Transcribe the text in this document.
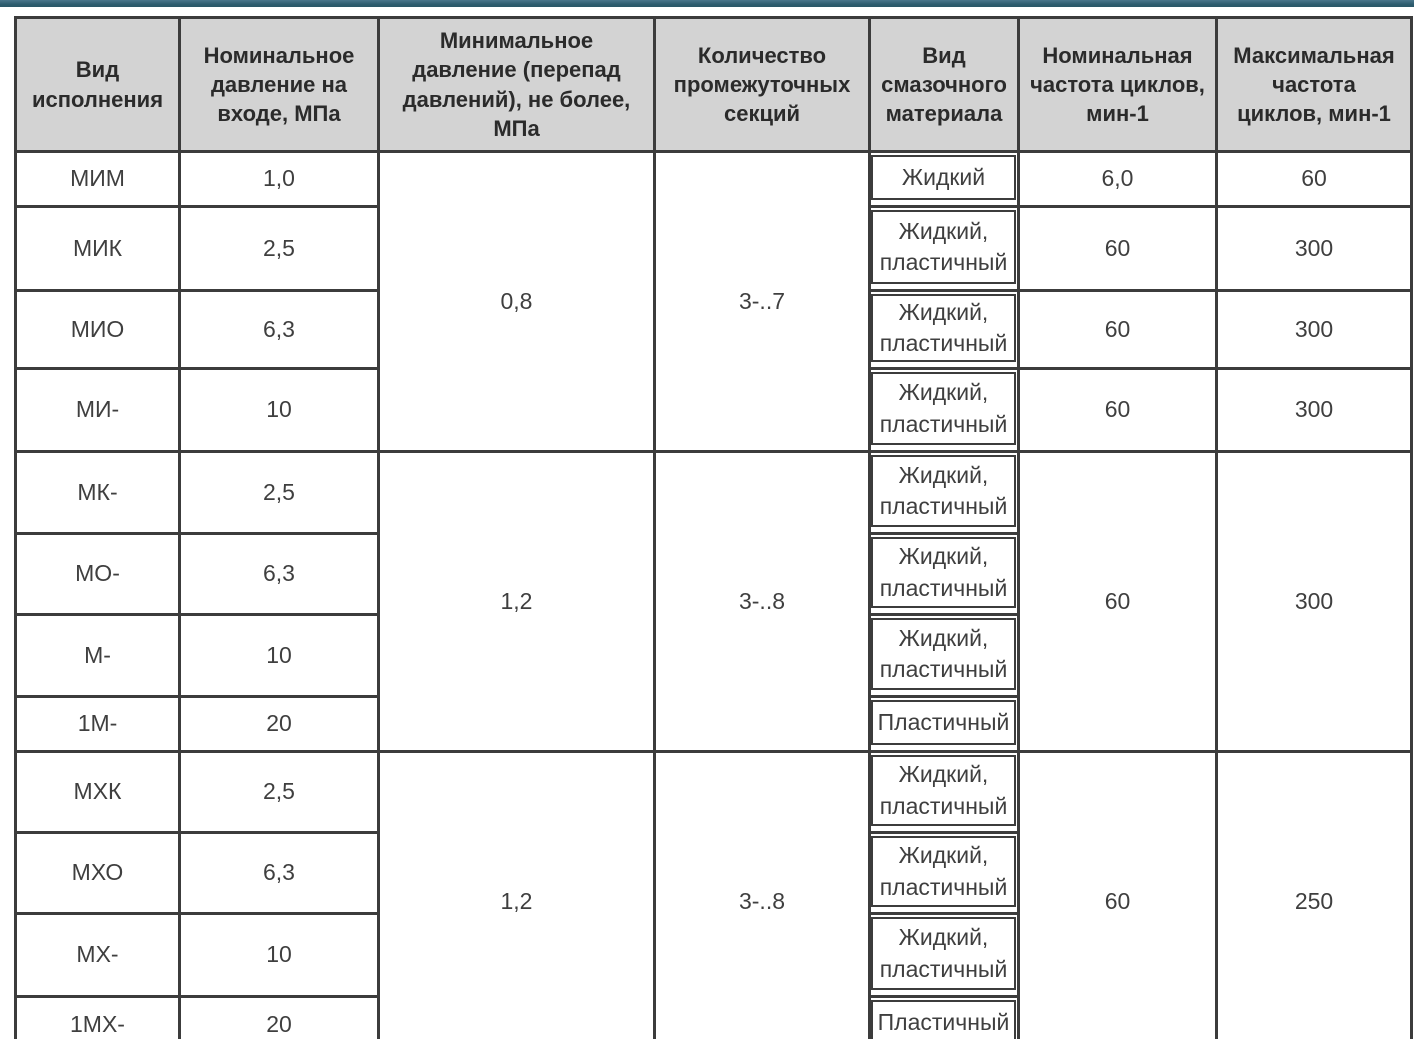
Вид исполнения	Номинальное давление на входе, МПа	Минимальное давление (перепад давлений), не более, МПа	Количество промежуточных секций	Вид смазочного материала	Номинальная частота циклов, мин-1	Максимальная частота циклов, мин-1
МИМ	1,0	0,8	3-..7	Жидкий	6,0	60
МИК	2,5			Жидкий, пластичный	60	300
МИО	6,3			Жидкий, пластичный	60	300
МИ-	10			Жидкий, пластичный	60	300
МК-	2,5	1,2	3-..8	Жидкий, пластичный	60	300
МО-	6,3			Жидкий, пластичный		

М-	10			Жидкий, пластичный		

1М-	20			Пластичный		

МХК	2,5	1,2	3-..8	Жидкий, пластичный	60	250
МХО	6,3			Жидкий, пластичный		

МХ-	10			Жидкий, пластичный		

1МХ-	20			Пластичный		
